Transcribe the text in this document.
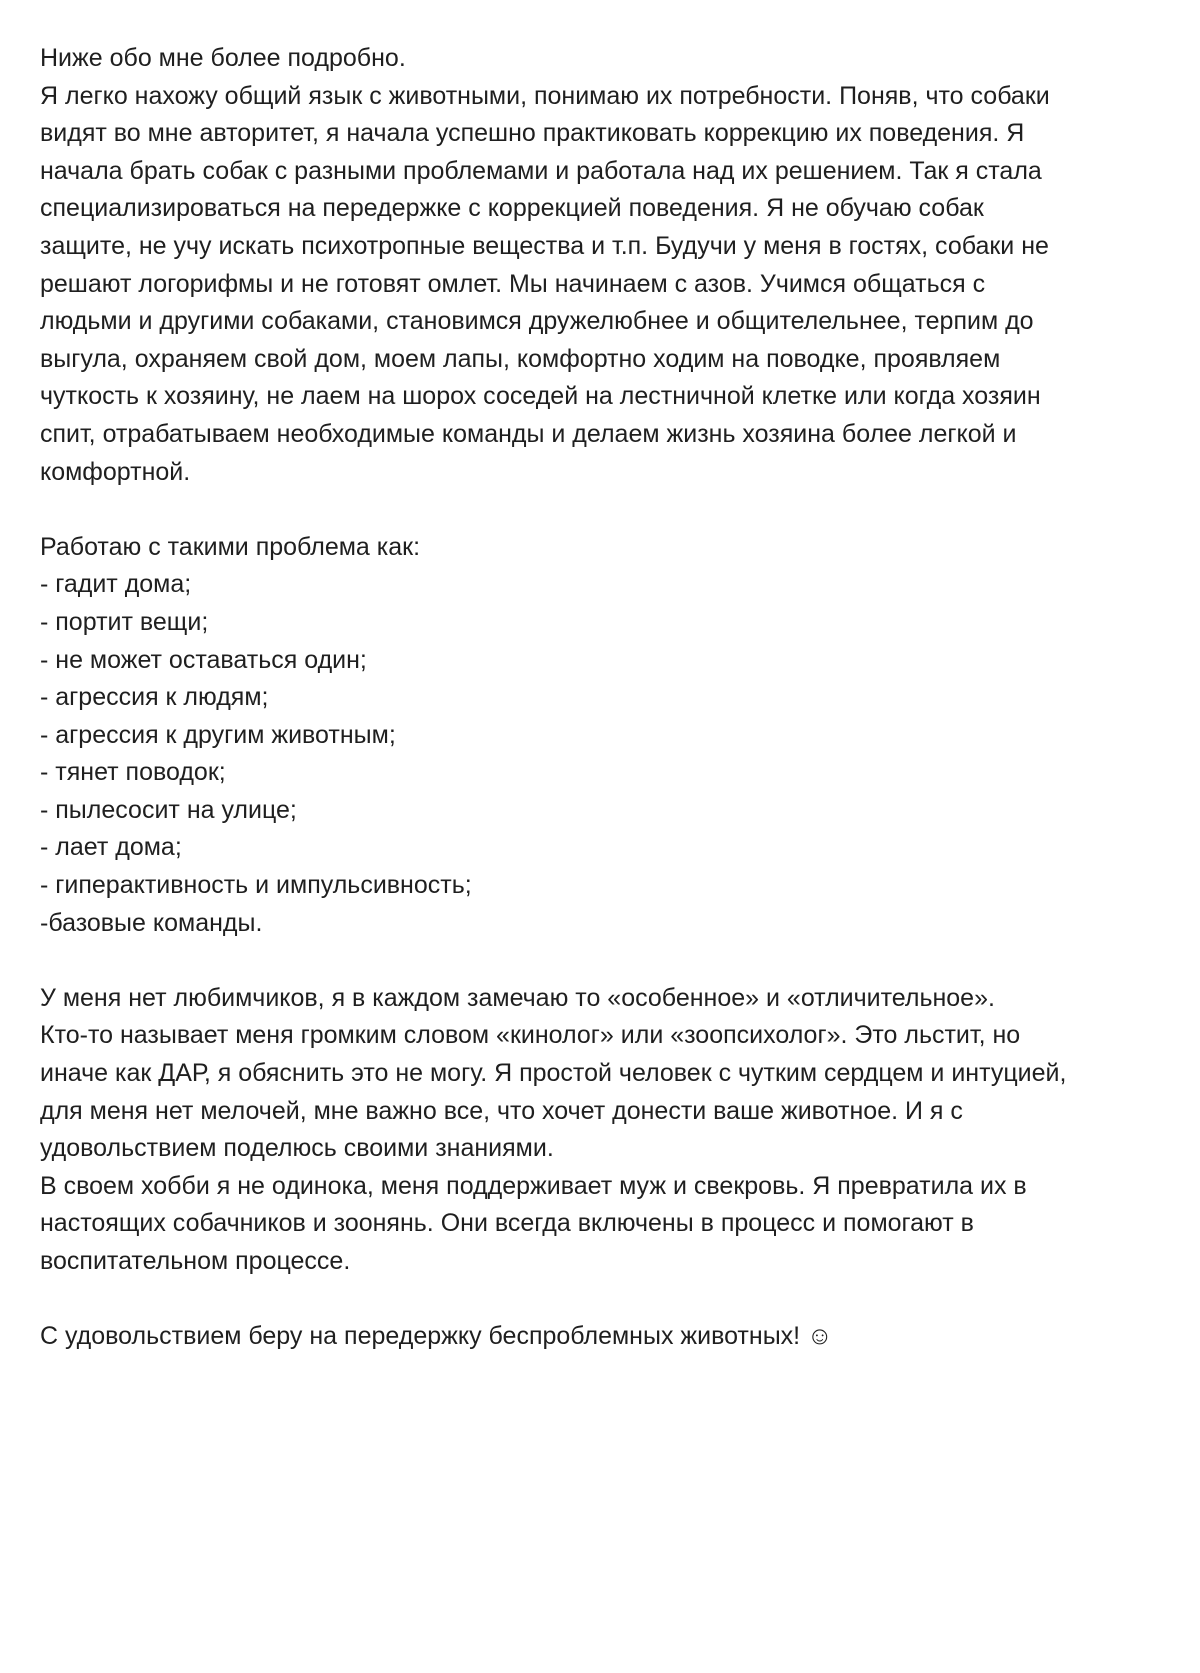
Ниже обо мне более подробно.
Я легко нахожу общий язык с животными, понимаю их потребности. Поняв, что собаки
видят во мне авторитет, я начала успешно практиковать коррекцию их поведения. Я
начала брать собак с разными проблемами и работала над их решением. Так я стала
специализироваться на передержке с коррекцией поведения. Я не обучаю собак
защите, не учу искать психотропные вещества и т.п. Будучи у меня в гостях, собаки не
решают логорифмы и не готовят омлет. Мы начинаем с азов. Учимся общаться с
людьми и другими собаками, становимся дружелюбнее и общителельнее, терпим до
выгула, охраняем свой дом, моем лапы, комфортно ходим на поводке, проявляем
чуткость к хозяину, не лаем на шорох соседей на лестничной клетке или когда хозяин
спит, отрабатываем необходимые команды и делаем жизнь хозяина более легкой и
комфортной.

Работаю с такими проблема как:
- гадит дома;
- портит вещи;
- не может оставаться один;
- агрессия к людям;
- агрессия к другим животным;
- тянет поводок;
- пылесосит на улице;
- лает дома;
- гиперактивность и импульсивность;
-базовые команды.

У меня нет любимчиков, я в каждом замечаю то «особенное» и «отличительное».
Кто-то называет меня громким словом «кинолог» или «зоопсихолог». Это льстит, но
иначе как ДАР, я обяснить это не могу. Я простой человек с чутким сердцем и интуцией,
для меня нет мелочей, мне важно все, что хочет донести ваше животное. И я с
удовольствием поделюсь своими знаниями.
В своем хобби я не одинока, меня поддерживает муж и свекровь. Я превратила их в
настоящих собачников и зоонянь. Они всегда включены в процесс и помогают в
воспитательном процессе.

С удовольствием беру на передержку беспроблемных животных! ☺
